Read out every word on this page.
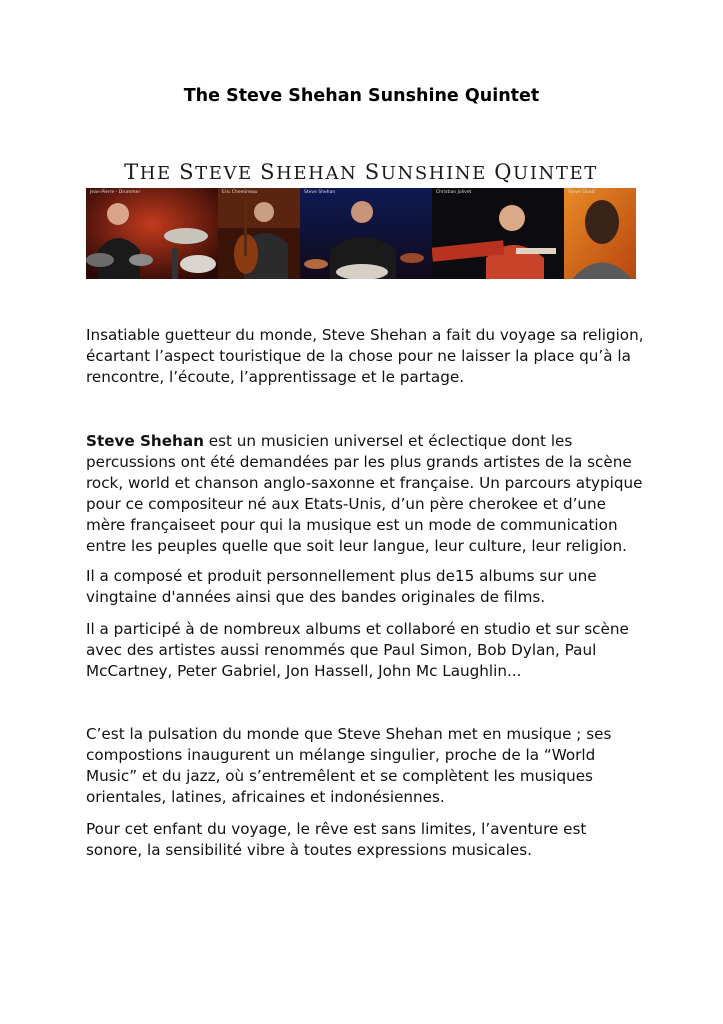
The Steve Shehan Sunshine Quintet
THE STEVE SHEHAN SUNSHINE QUINTET
Jean-Pierre - Drummer	Eric Chemineau	Steve Shehan	Christian Jolivet	Steve Ghazi

Insatiable guetteur du monde, Steve Shehan a fait du voyage sa religion, écartant l’aspect touristique de la chose pour ne laisser la place qu’à la rencontre, l’écoute, l’apprentissage et le partage.

Steve Shehan est un musicien universel et éclectique dont les percussions ont été demandées par les plus grands artistes de la scène rock, world et chanson anglo-saxonne et française. Un parcours atypique pour ce compositeur né aux Etats-Unis, d’un père cherokee et d’une mère françaiseet pour qui la musique est un mode de communication entre les peuples quelle que soit leur langue, leur culture, leur religion.

Il a composé et produit personnellement plus de15 albums sur une vingtaine d'années ainsi que des bandes originales de films.

Il a participé à de nombreux albums et collaboré en studio et sur scène avec des artistes aussi renommés que Paul Simon, Bob Dylan, Paul McCartney, Peter Gabriel, Jon Hassell, John Mc Laughlin...

C’est la pulsation du monde que Steve Shehan met en musique ; ses compostions inaugurent un mélange singulier, proche de la “World Music” et du jazz, où s’entremêlent et se complètent les musiques orientales, latines, africaines et indonésiennes.

Pour cet enfant du voyage, le rêve est sans limites, l’aventure est sonore, la sensibilité vibre à toutes expressions musicales.
